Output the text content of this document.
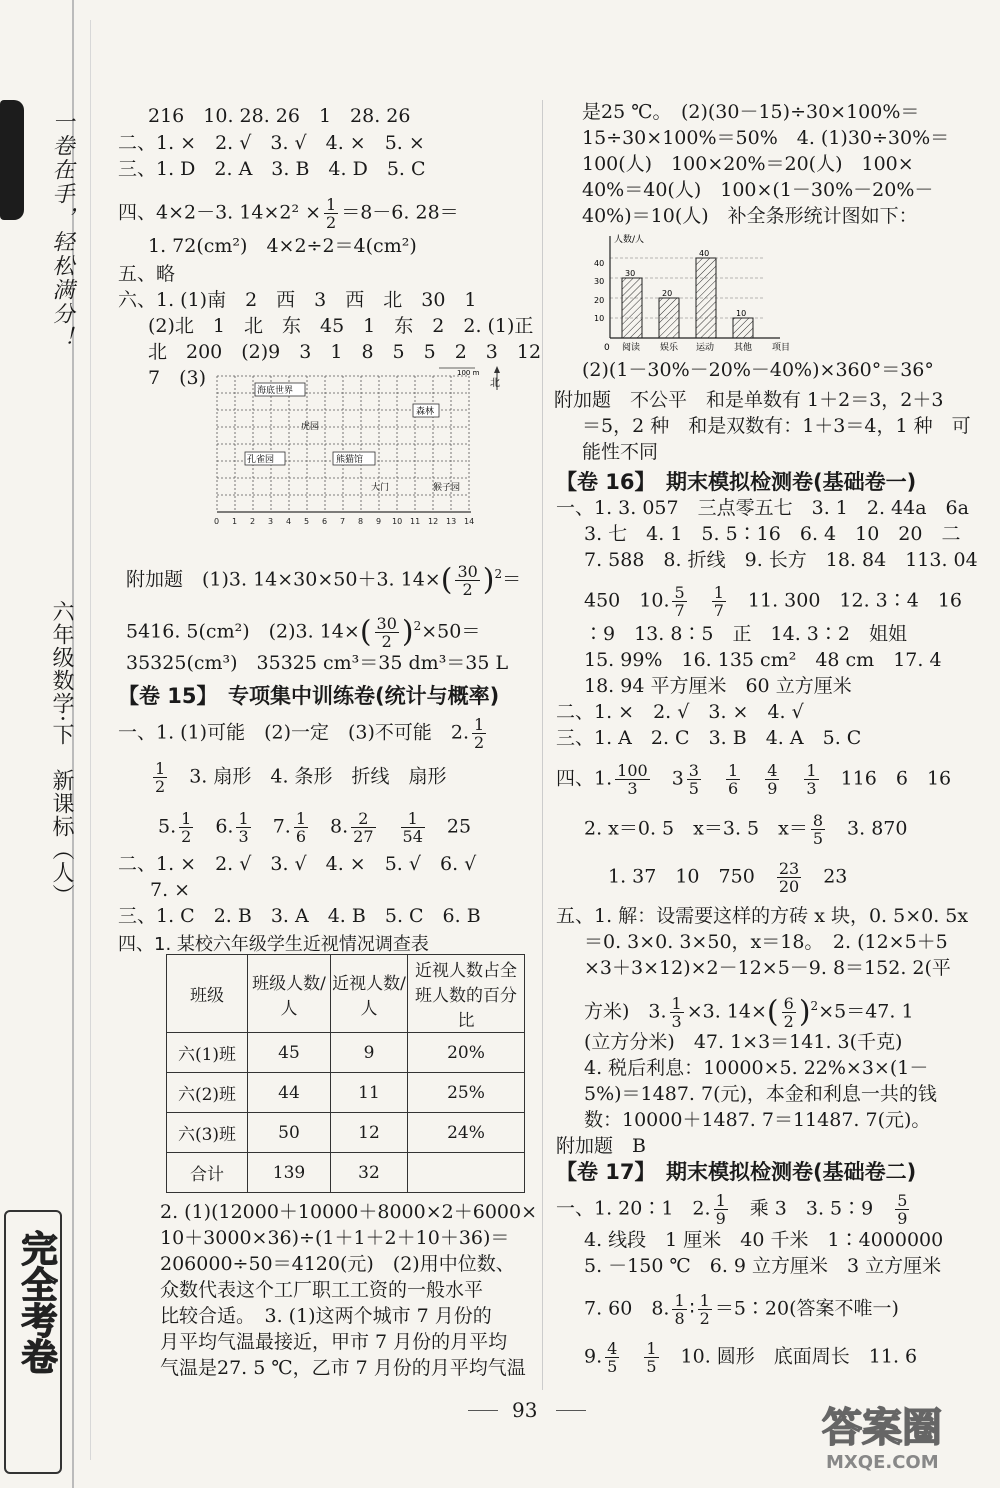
一卷在手，轻松满分！
六年级数学·下　新课标（人）
完全考卷
216　10. 28. 26　1　28. 26
二、1. ×　2. √　3. √　4. ×　5. ×
三、1. D　2. A　3. B　4. D　5. C
四、4×2－3. $14\times 2^2 \times \frac{1}{2} =8-6$. 28＝
1. 72(cm²)　4×2÷2＝4(cm²)
五、略
六、1. (1)南　2　西　3　西　北　30　1
(2)北　1　北　东　45　1　东　2　2. (1)正
北　200　(2)9　3　1　8　5　5　2　3　12
7　(3)
海底世界
森林
虎园
孔雀园	熊猫馆
大门	猴子园
100 m
北
0 1 2 3 4 5 6 7 8 9 10 11 12 13 14
附加题　(1)3. 14×30×50＋3. $14\times( \frac{30}{2} )^2=$
5416. 5(cm²)　(2)3. $14\times( \frac{30}{2} )^2\times 50=$
35325(cm³)　35325 cm³＝35 dm³＝35 L
【卷 15】　专项集中训练卷(统计与概率)
一、1. (1)可能　(2)一定　(3)不可能　2. $\frac{1}{2}$
$\frac{1}{2}$
　 3. 扇形　4. 条形　折线　扇形
5. $\frac{1}{2}$
　 6. $\frac{1}{3}$
　 7. $\frac{1}{6}$
　 8. $\frac{2}{27}$
　 $\frac{1}{54}$
　 25
二、1. ×　2. √　3. √　4. ×　5. √　6. √
7. ×
三、1. C　2. B　3. A　4. B　5. C　6. B
四、1. 某校六年级学生近视情况调查表
班级	班级人数/人	近视人数/人	近视人数占全班人数的百分比
六(1)班	45	9	20%
六(2)班	44	11	25%
六(3)班	50	12	24%
合计	139	32	
2. (1)(12000＋10000＋8000×2＋6000×
10＋3000×36)÷(1＋1＋2＋10＋36)＝
206000÷50＝4120(元)　(2)用中位数、
众数代表这个工厂职工工资的一般水平
比较合适。　3. (1)这两个城市 7 月份的
月平均气温最接近，甲市 7 月份的月平均
气温是27. 5 ℃，乙市 7 月份的月平均气温
是25 ℃。　(2)(30－15)÷30×100%＝
15÷30×100%＝50%　4. (1)30÷30%＝
100(人)　100×20%＝20(人)　100×
40%＝40(人)　100×(1－30%－20%－
40%)＝10(人)　补全条形统计图如下：
30
20
40
10
人数/人
项目
0
10
20
30
40
阅读 娱乐 运动 其他
(2)(1－30%－20%－40%)×360°＝36°
附加题　不公平　和是单数有 1＋2＝3，2＋3
＝5，2 种　和是双数有：1＋3＝4，1 种　可
能性不同
【卷 16】　期末模拟检测卷(基础卷一)
一、1. 3. 057　三点零五七　3. 1　2. 44a　6a
3. 七　4. 1　5. 5∶16　6. 4　10　20　二
7. 588　8. 折线　9. 长方　18. 84　113. 04
450　10. $\frac{5}{7}$
　 $\frac{1}{7}$
　 11. 300　12. 3∶4　16
∶9　13. 8∶5　正　14. 3∶2　姐姐
15. 99%　16. 135 cm²　48 cm　17. 4
18. 94 平方厘米　60 立方厘米
二、1. ×　2. √　3. ×　4. √
三、1. A　2. C　3. B　4. A　5. C
四、1. $\frac{100}{3}$ 　$3 \frac{3}{5}$
　 $\frac{1}{6}$
　 $\frac{4}{9}$
　 $\frac{1}{3}$
　 116　6　16
2. x＝0. 5　x＝3. 5　$x= \frac{8}{5}$
　 3. 870
1. 37　10　750　 $\frac{23}{20}$
　 23
五、1. 解：设需要这样的方砖 x 块，0. 5×0. 5x
＝0. 3×0. 3×50，x＝18。　2. (12×5＋5
×3＋3×12)×2－12×5－9. 8＝152. 2(平
方米)　3. $\frac{1}{3} \times 3$. $14\times( \frac{6}{2} )^2\times 5=47$. 1
(立方分米)　47. 1×3＝141. 3(千克)
4. 税后利息：10000×5. 22%×3×(1－
5%)＝1487. 7(元)，本金和利息一共的钱
数：10000＋1487. 7＝11487. 7(元)。
附加题　B
【卷 17】　期末模拟检测卷(基础卷二)
一、1. 20∶1　2. $\frac{1}{9}$
　 乘 3　3. 5∶9　 $\frac{5}{9}$
4. 线段　1 厘米　40 千米　1∶4000000
5. －150 ℃　6. 9 立方厘米　3 立方厘米
7. 60　8. $\frac{1}{8}$ ∶ $\frac{1}{2}$ ＝5∶20(答案不唯一)
9. $\frac{4}{5}$
　 $\frac{1}{5}$
　 10. 圆形　底面周长　11. 6
93	答案圈
MXQE.COM
